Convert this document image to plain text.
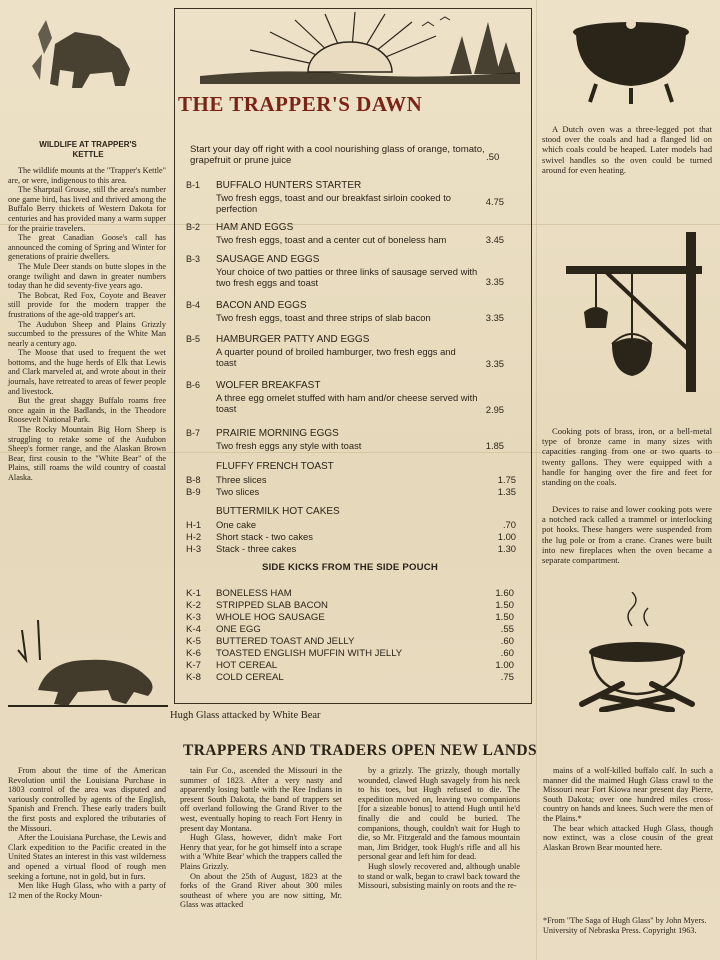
WILDLIFE AT TRAPPER'S KETTLE

The wildlife mounts at the "Trapper's Kettle" are, or were, indigenous to this area.

The Sharptail Grouse, still the area's number one game bird, has lived and thrived among the Buffalo Berry thickets of Western Dakota for centuries and has provided many a warm supper for the prairie travelers.

The great Canadian Goose's call has announced the coming of Spring and Winter for generations of prairie dwellers.

The Mule Deer stands on butte slopes in the orange twilight and dawn in greater numbers today than he did seventy-five years ago.

The Bobcat, Red Fox, Coyote and Beaver still provide for the modern trapper the frustrations of the age-old trapper's art.

The Audubon Sheep and Plains Grizzly succumbed to the pressures of the White Man nearly a century ago.

The Moose that used to frequent the wet bottoms, and the huge herds of Elk that Lewis and Clark marveled at, and wrote about in their journals, have retreated to areas of fewer people and livestock.

But the great shaggy Buffalo roams free once again in the Badlands, in the Theodore Roosevelt National Park.

The Rocky Mountain Big Horn Sheep is struggling to retake some of the Audubon Sheep's former range, and the Alaskan Brown Bear, first cousin to the "White Bear" of the Plains, still roams the wild country of coastal Alaska.

THE TRAPPER'S DAWN
Start your day off right with a cool nourishing glass of orange, tomato, grapefruit or prune juice	.50
B-1	BUFFALO HUNTERS STARTER
Two fresh eggs, toast and our breakfast sirloin cooked to perfection
4.75
B-2	HAM AND EGGS
Two fresh eggs, toast and a center cut of boneless ham	3.45
B-3	SAUSAGE AND EGGS
Your choice of two patties or three links of sausage served with two fresh eggs and toast	3.35
B-4	BACON AND EGGS
Two fresh eggs, toast and three strips of slab bacon	3.35
B-5	HAMBURGER PATTY AND EGGS
A quarter pound of broiled hamburger, two fresh eggs and toast	3.35
B-6	WOLFER BREAKFAST
A three egg omelet stuffed with ham and/or cheese served with toast	2.95
B-7	PRAIRIE MORNING EGGS
Two fresh eggs any style with toast	1.85
FLUFFY FRENCH TOAST
B-8 Three slices	1.75
B-9 Two slices	1.35
BUTTERMILK HOT CAKES
H-1 One cake	.70
H-2 Short stack - two cakes	1.00
H-3 Stack - three cakes	1.30
SIDE KICKS FROM THE SIDE POUCH
K-1 BONELESS HAM	1.60
K-2 STRIPPED SLAB BACON	1.50
K-3 WHOLE HOG SAUSAGE	1.50
K-4 ONE EGG	.55
K-5 BUTTERED TOAST AND JELLY	.60
K-6 TOASTED ENGLISH MUFFIN WITH JELLY	.60
K-7 HOT CEREAL	1.00
K-8 COLD CEREAL	.75
A Dutch oven was a three-legged pot that stood over the coals and had a flanged lid on which coals could be heaped. Later models had swivel handles so the oven could be turned around for even heating.
Cooking pots of brass, iron, or a bell-metal type of bronze came in many sizes with capacities ranging from one or two quarts to twenty gallons. They were equipped with a handle for hanging over the fire and feet for standing on the coals.
Devices to raise and lower cooking pots were a notched rack called a trammel or interlocking pot hooks. These hangers were suspended from the lug pole or from a crane. Cranes were built into new fireplaces when the oven became a separate compartment.
Hugh Glass attacked by White Bear
TRAPPERS AND TRADERS OPEN NEW LANDS

From about the time of the American Revolution until the Louisiana Purchase in 1803 control of the area was disputed and variously controlled by agents of the English, Spanish and French. These early traders built the first posts and explored the tributaries of the Missouri.

After the Louisiana Purchase, the Lewis and Clark expedition to the Pacific created in the United States an interest in this vast wilderness and opened a virtual flood of rough men seeking a fortune, not in gold, but in furs.

Men like Hugh Glass, who with a party of 12 men of the Rocky Moun-

tain Fur Co., ascended the Missouri in the summer of 1823. After a very nasty and apparently losing battle with the Ree Indians in present South Dakota, the band of trappers set off overland following the Grand River to the west, eventually hoping to reach Fort Henry in present day Montana.

Hugh Glass, however, didn't make Fort Henry that year, for he got himself into a scrape with a 'White Bear' which the trappers called the Plains Grizzly.

On about the 25th of August, 1823 at the forks of the Grand River about 300 miles southeast of where you are now sitting, Mr. Glass was attacked

by a grizzly. The grizzly, though mortally wounded, clawed Hugh savagely from his neck to his toes, but Hugh refused to die. The expedition moved on, leaving two companions [for a sizeable bonus] to attend Hugh until he'd finally die and could be buried. The companions, though, couldn't wait for Hugh to die, so Mr. Fitzgerald and the famous mountain man, Jim Bridger, took Hugh's rifle and all his personal gear and left him for dead.

Hugh slowly recovered and, although unable to stand or walk, began to crawl back toward the Missouri, subsisting mainly on roots and the re-

mains of a wolf-killed buffalo calf. In such a manner did the maimed Hugh Glass crawl to the Missouri near Fort Kiowa near present day Pierre, South Dakota; over one hundred miles cross-country on hands and knees. Such were the men of the Plains.*

The bear which attacked Hugh Glass, though now extinct, was a close cousin of the great Alaskan Brown Bear mounted here.

*From "The Saga of Hugh Glass" by John Myers. University of Nebraska Press. Copyright 1963.
